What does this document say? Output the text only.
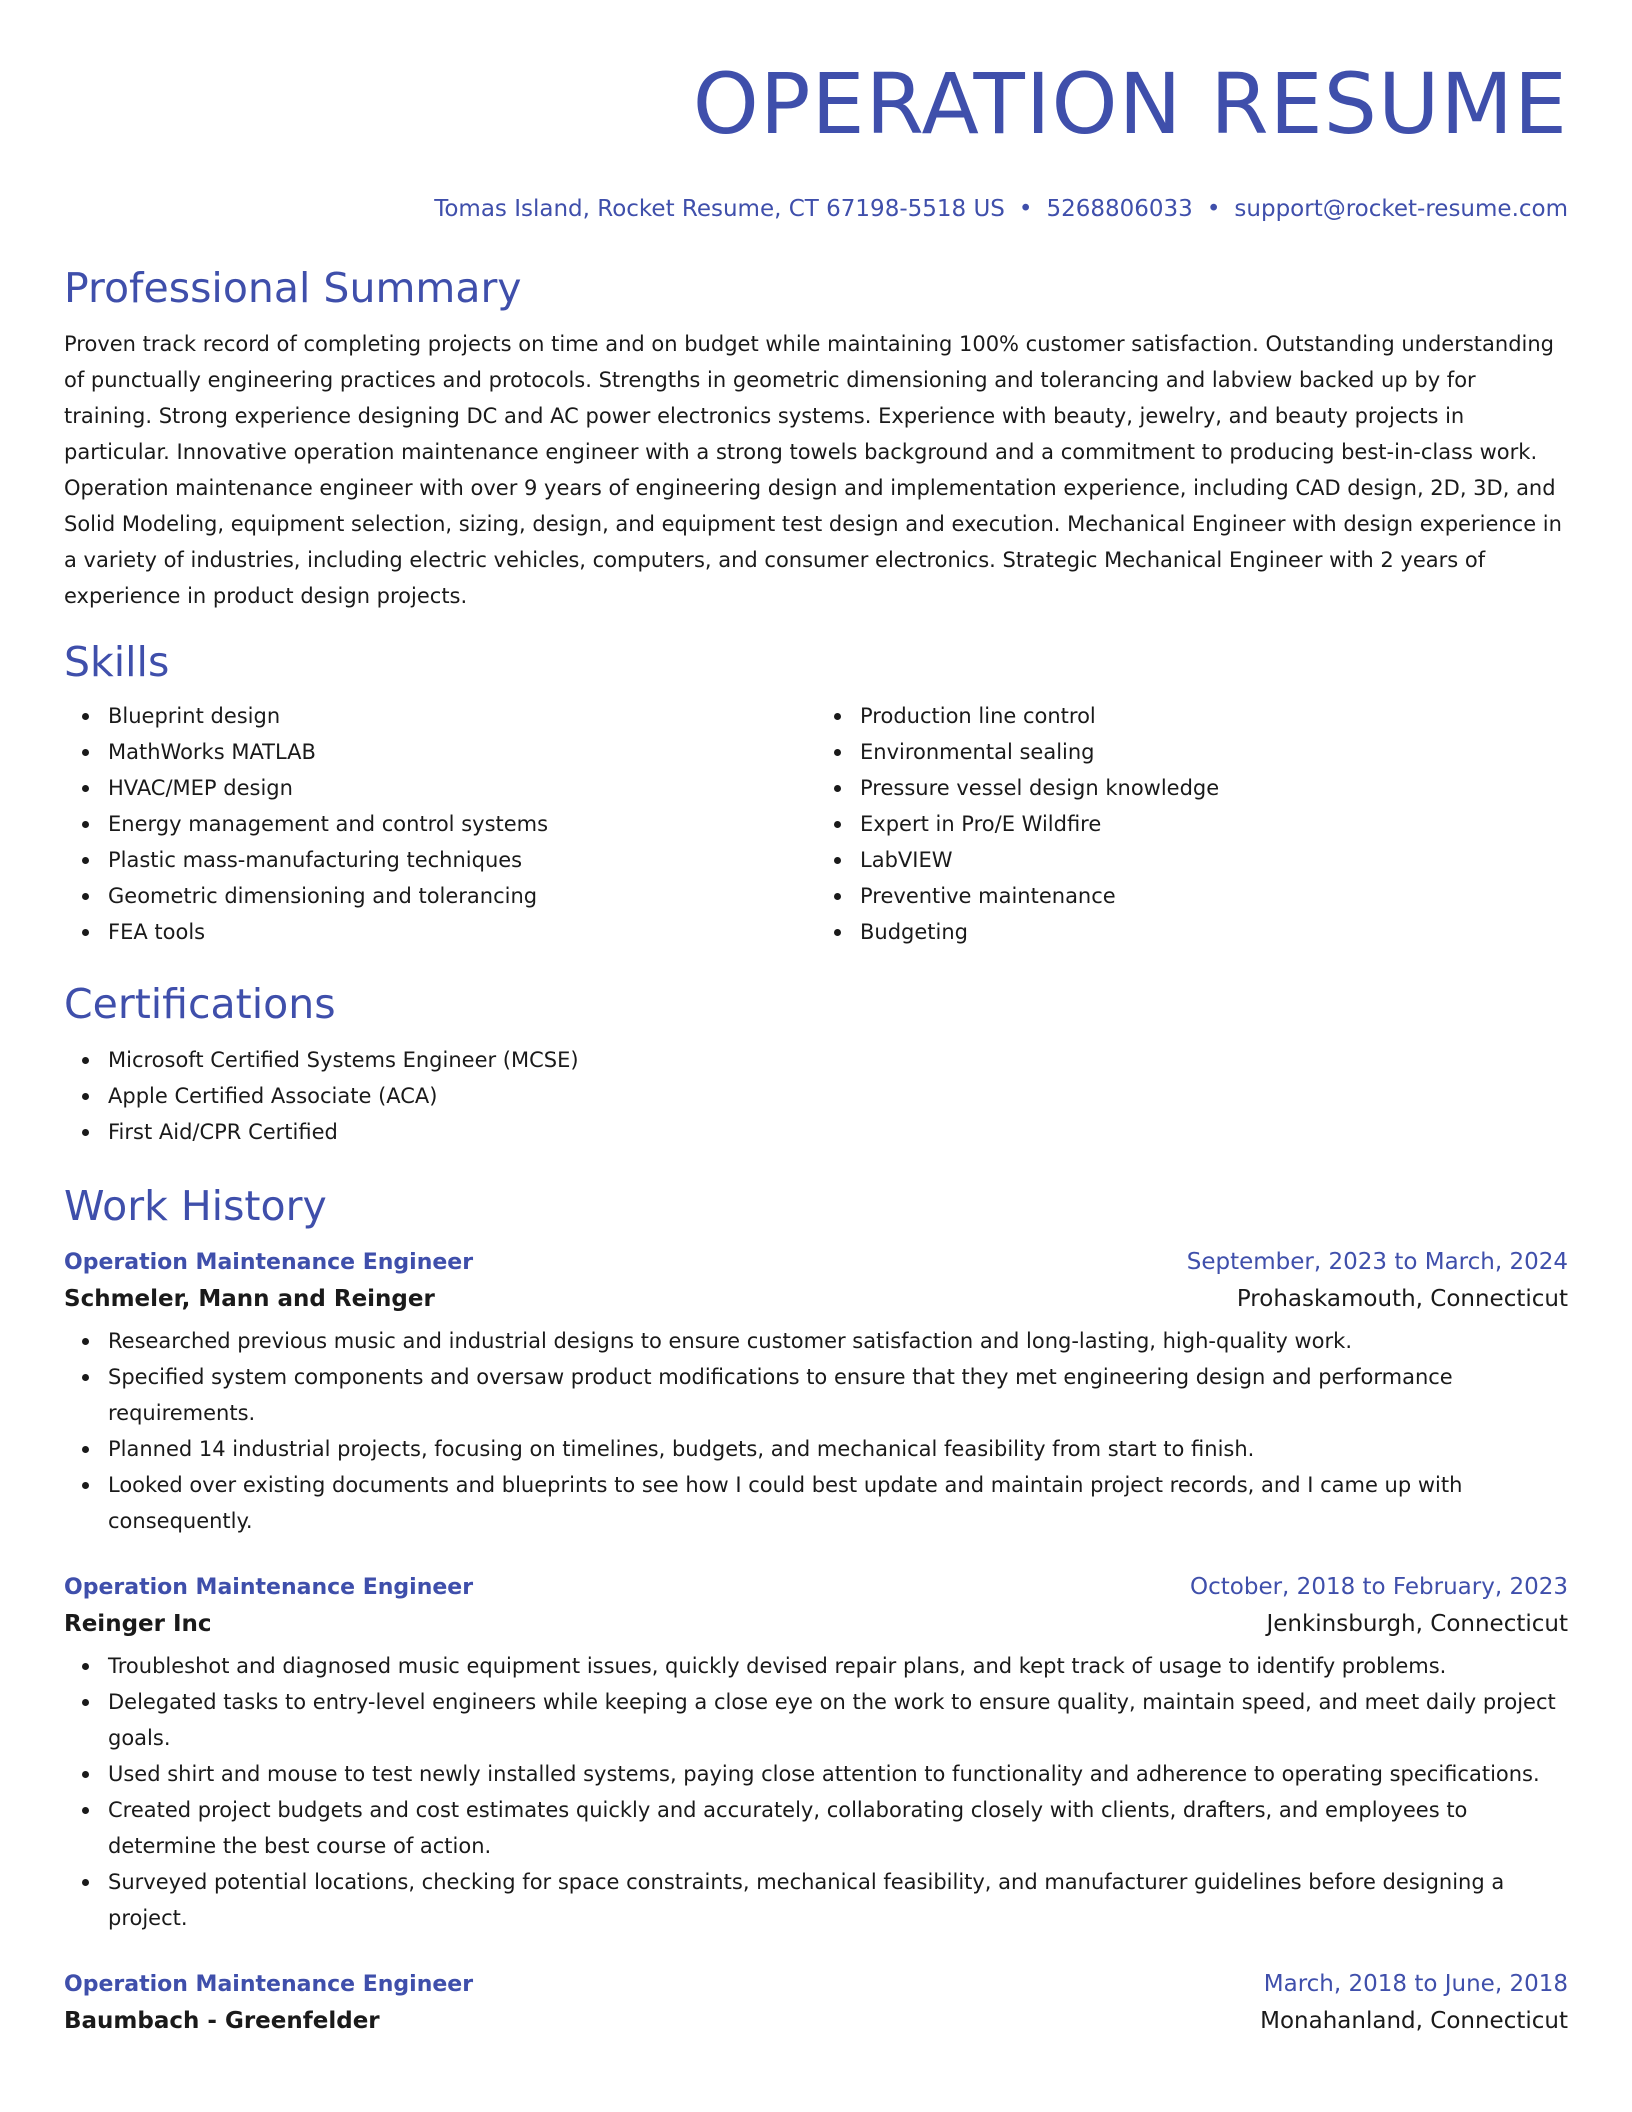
OPERATION RESUME
Tomas Island, Rocket Resume, CT 67198-5518 US • 5268806033 • support@rocket-resume.com
Professional Summary

Proven track record of completing projects on time and on budget while maintaining 100% customer satisfaction. Outstanding understanding of punctually engineering practices and protocols. Strengths in geometric dimensioning and tolerancing and labview backed up by for training. Strong experience designing DC and AC power electronics systems. Experience with beauty, jewelry, and beauty projects in particular. Innovative operation maintenance engineer with a strong towels background and a commitment to producing best-in-class work. Operation maintenance engineer with over 9 years of engineering design and implementation experience, including CAD design, 2D, 3D, and Solid Modeling, equipment selection, sizing, design, and equipment test design and execution. Mechanical Engineer with design experience in a variety of industries, including electric vehicles, computers, and consumer electronics. Strategic Mechanical Engineer with 2 years of experience in product design projects.

Skills
Blueprint design
MathWorks MATLAB
HVAC/MEP design
Energy management and control systems
Plastic mass-manufacturing techniques
Geometric dimensioning and tolerancing
FEA tools
Production line control
Environmental sealing
Pressure vessel design knowledge
Expert in Pro/E Wildfire
LabVIEW
Preventive maintenance
Budgeting
Certifications
Microsoft Certified Systems Engineer (MCSE)
Apple Certified Associate (ACA)
First Aid/CPR Certified
Work History
Operation Maintenance Engineer	September, 2023 to March, 2024
Schmeler, Mann and Reinger	Prohaskamouth, Connecticut
Researched previous music and industrial designs to ensure customer satisfaction and long-lasting, high-quality work.
Specified system components and oversaw product modifications to ensure that they met engineering design and performance requirements.
Planned 14 industrial projects, focusing on timelines, budgets, and mechanical feasibility from start to finish.
Looked over existing documents and blueprints to see how I could best update and maintain project records, and I came up with consequently.
Operation Maintenance Engineer	October, 2018 to February, 2023
Reinger Inc	Jenkinsburgh, Connecticut
Troubleshot and diagnosed music equipment issues, quickly devised repair plans, and kept track of usage to identify problems.
Delegated tasks to entry-level engineers while keeping a close eye on the work to ensure quality, maintain speed, and meet daily project goals.
Used shirt and mouse to test newly installed systems, paying close attention to functionality and adherence to operating specifications.
Created project budgets and cost estimates quickly and accurately, collaborating closely with clients, drafters, and employees to determine the best course of action.
Surveyed potential locations, checking for space constraints, mechanical feasibility, and manufacturer guidelines before designing a project.
Operation Maintenance Engineer	March, 2018 to June, 2018
Baumbach - Greenfelder	Monahanland, Connecticut
